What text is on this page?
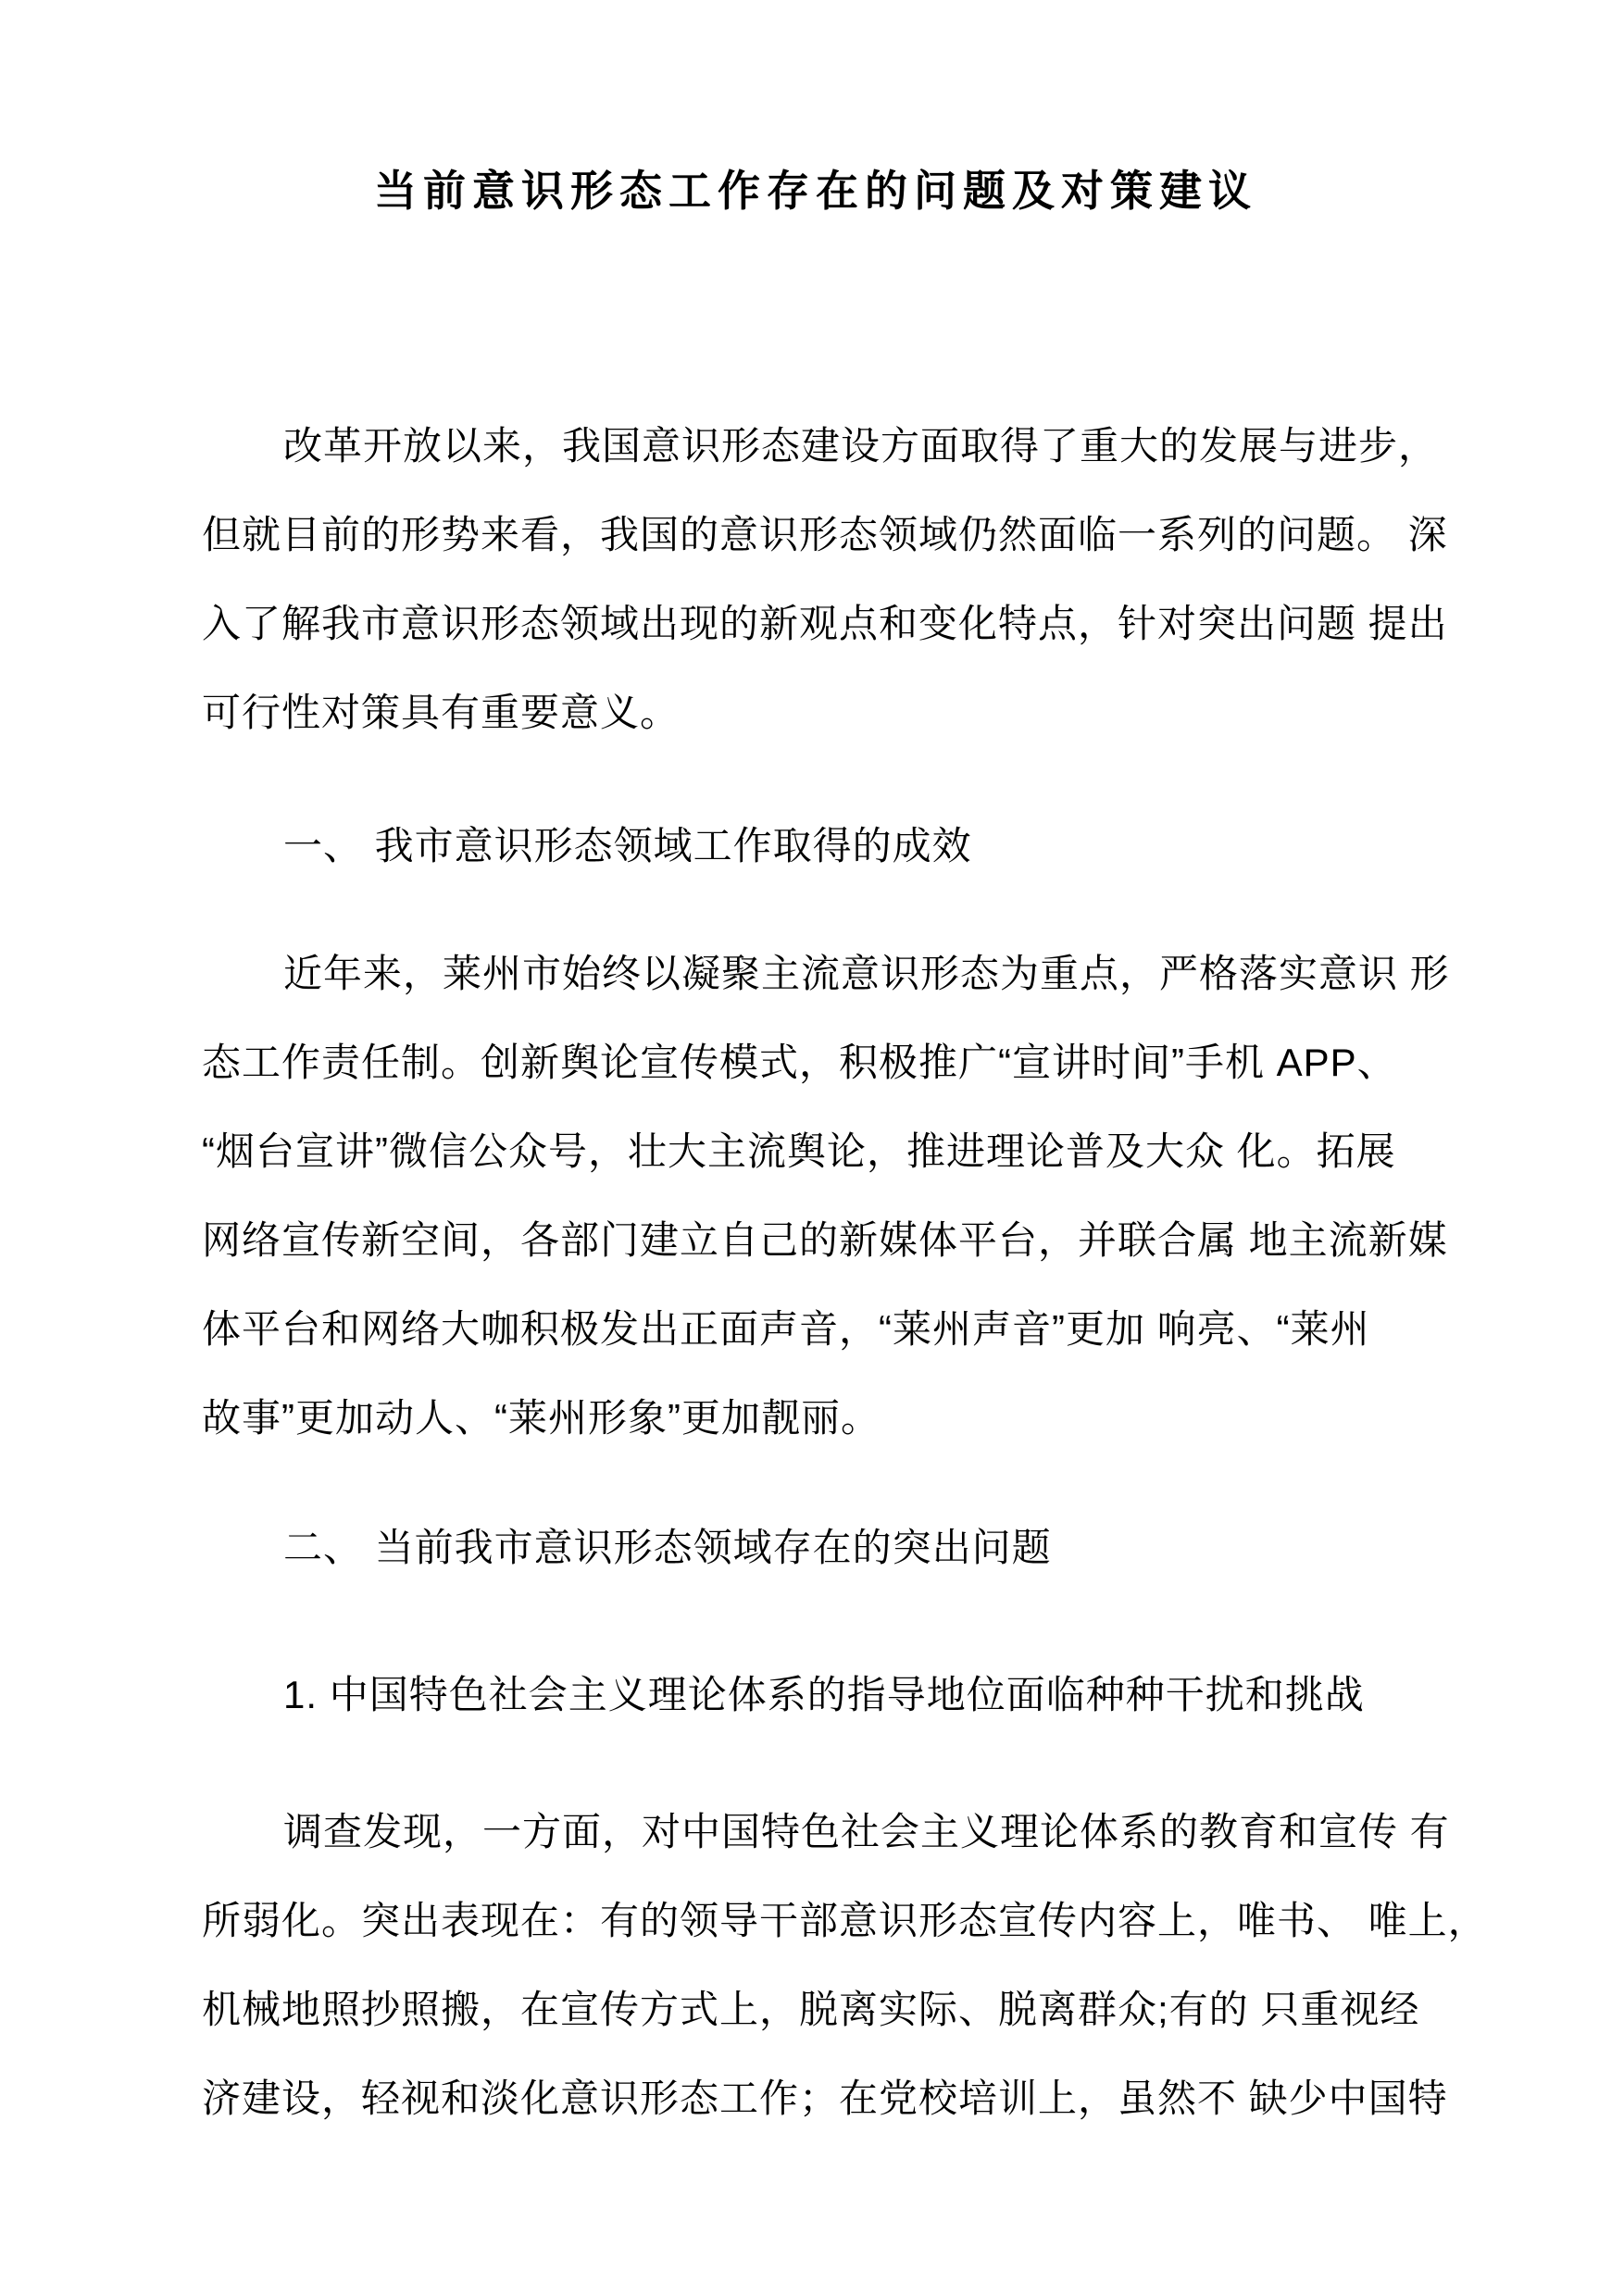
当前意识形态工作存在的问题及对策建议
改革开放以来，我国意识形态建设方面取得了重大的发展与进步，
但就目前的形势来看，我国的意识形态领域仍然面临一系列的问题。 深
入了解我市意识形态领域出现的新观点和变化特点，针对突出问题 提出
可行性对策具有重要意义。
一、 我市意识形态领域工作取得的成效
近年来，莱州市始终以凝聚主流意识形态为重点，严格落实意识 形
态工作责任制。创新舆论宣传模式，积极推广“宣讲时间”手机 APP、
“烟台宣讲”微信公众号，壮大主流舆论，推进理论普及大众 化。拓展
网络宣传新空间，各部门建立自己的新媒体平台，并联合属 地主流新媒
体平台和网络大咖积极发出正面声音，“莱州声音”更加 响亮、“莱州
故事”更加动人、“莱州形象”更加靓丽。
二、 当前我市意识形态领域存在的突出问题
1. 中国特色社会主义理论体系的指导地位面临种种干扰和挑战
调查发现，一方面，对中国特色社会主义理论体系的教育和宣传 有
所弱化。突出表现在：有的领导干部意识形态宣传内容上，唯书、 唯上，
机械地照抄照搬，在宣传方式上，脱离实际、脱离群众;有的 只重视经
济建设，轻视和淡化意识形态工作；在党校培训上，虽然不 缺少中国特
